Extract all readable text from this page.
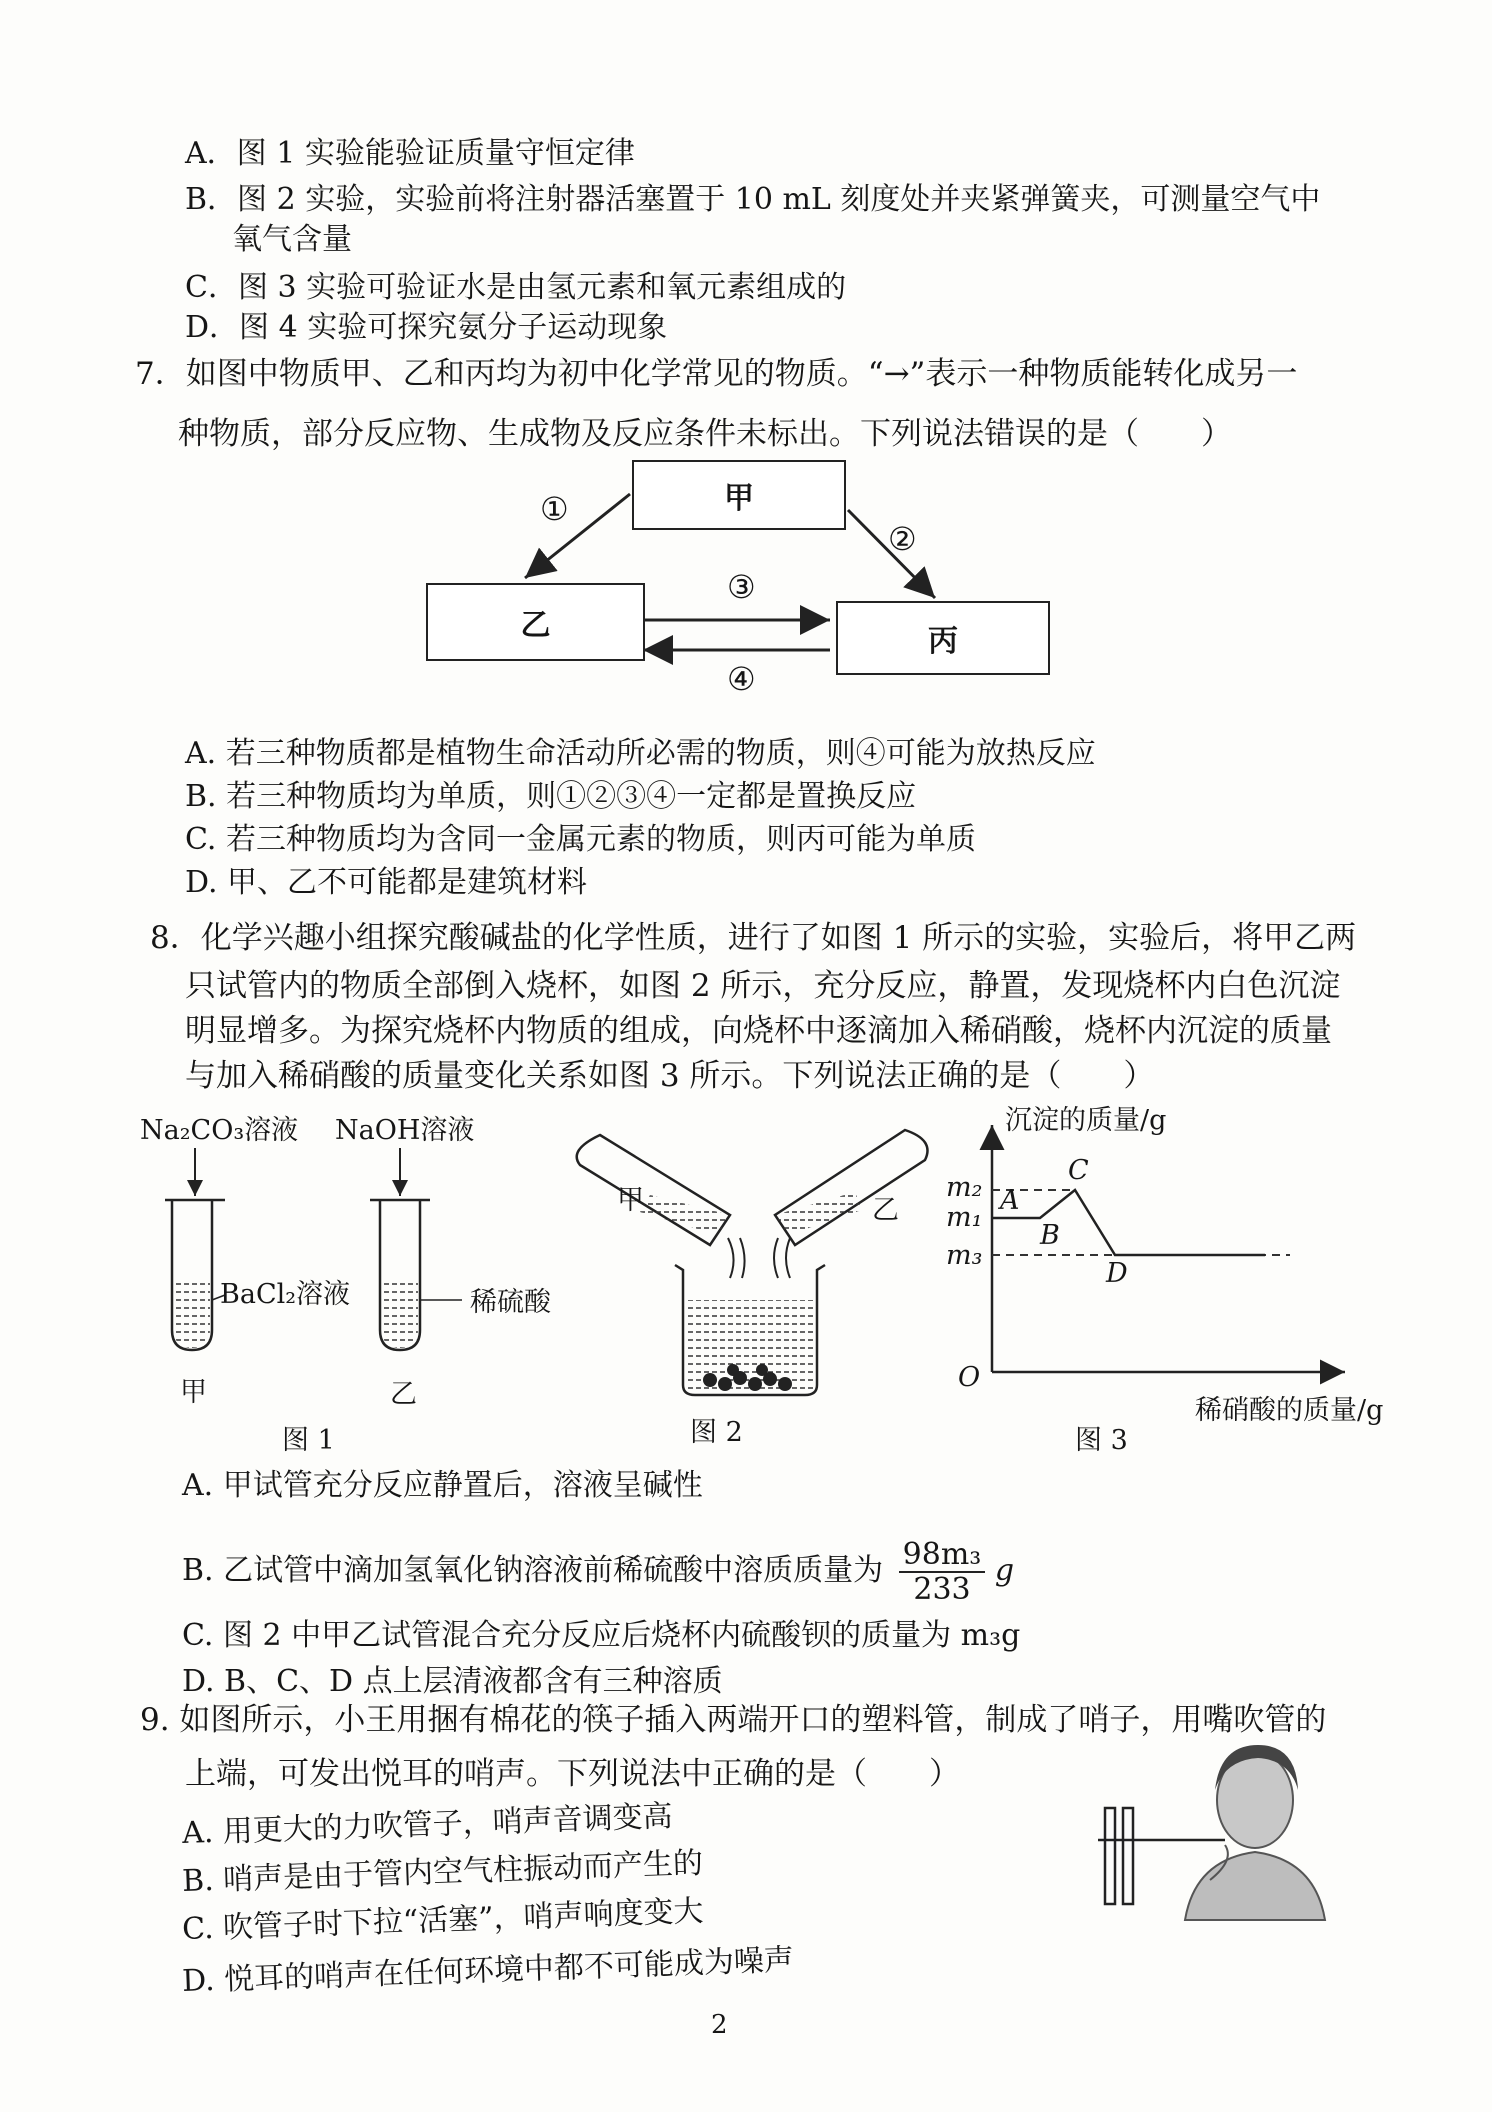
A．图 1 实验能验证质量守恒定律
B．图 2 实验，实验前将注射器活塞置于 10 mL 刻度处并夹紧弹簧夹，可测量空气中
氧气含量
C．图 3 实验可验证水是由氢元素和氧元素组成的
D．图 4 实验可探究氨分子运动现象
7．如图中物质甲、乙和丙均为初中化学常见的物质。“→”表示一种物质能转化成另一
种物质，部分反应物、生成物及反应条件未标出。下列说法错误的是（　　）
甲
乙	丙
①
②
③
④
A. 若三种物质都是植物生命活动所必需的物质，则④可能为放热反应
B. 若三种物质均为单质，则①②③④一定都是置换反应
C. 若三种物质均为含同一金属元素的物质，则丙可能为单质
D. 甲、乙不可能都是建筑材料
8．化学兴趣小组探究酸碱盐的化学性质，进行了如图 1 所示的实验，实验后，将甲乙两
只试管内的物质全部倒入烧杯，如图 2 所示，充分反应，静置，发现烧杯内白色沉淀
明显增多。为探究烧杯内物质的组成，向烧杯中逐滴加入稀硝酸，烧杯内沉淀的质量
与加入稀硝酸的质量变化关系如图 3 所示。下列说法正确的是（　　）
Na₂CO₃溶液 NaOH溶液
BaCl₂溶液	稀硫酸
甲	乙
图 1
甲	乙
图 2
沉淀的质量/g
稀硝酸的质量/g
O
m₂
m₁
m₃
A
B
C
D
图 3
A. 甲试管充分反应静置后，溶液呈碱性
B. 乙试管中滴加氢氧化钠溶液前稀硫酸中溶质质量为 $\frac{\text{98m₃}}{233}$ g
C. 图 2 中甲乙试管混合充分反应后烧杯内硫酸钡的质量为 m₃g
D. B、C、D 点上层清液都含有三种溶质
9. 如图所示，小王用捆有棉花的筷子插入两端开口的塑料管，制成了哨子，用嘴吹管的
上端，可发出悦耳的哨声。下列说法中正确的是（　　）
A. 用更大的力吹管子，哨声音调变高
B. 哨声是由于管内空气柱振动而产生的
C. 吹管子时下拉“活塞”，哨声响度变大
D. 悦耳的哨声在任何环境中都不可能成为噪声
2
